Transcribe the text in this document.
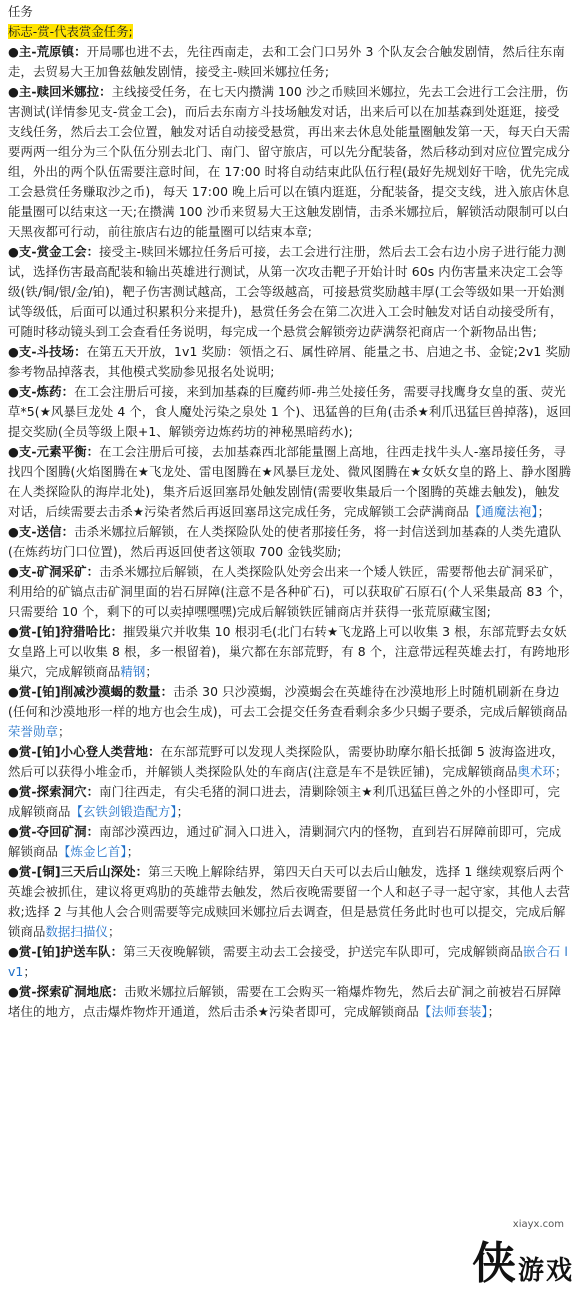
任务

标志-赏-代表赏金任务;

●主-荒原镇：开局哪也进不去，先往西南走，去和工会门口另外 3 个队友会合触发剧情，然后往东南走，去贸易大王加鲁兹触发剧情，接受主-赎回米娜拉任务;

●主-赎回米娜拉：主线接受任务，在七天内攒满 100 沙之币赎回米娜拉，先去工会进行工会注册，伤害测试(详情参见支-赏金工会)，而后去东南方斗技场触发对话，出来后可以在加基森到处逛逛，接受支线任务，然后去工会位置，触发对话自动接受悬赏，再出来去休息处能量圈触发第一天，每天白天需要两两一组分为三个队伍分别去北门、南门、留守旅店，可以先分配装备，然后移动到对应位置完成分组，外出的两个队伍需要注意时间，在 17:00 时将自动结束此队伍行程(最好先规划好干啥，优先完成工会悬赏任务赚取沙之币)，每天 17:00 晚上后可以在镇内逛逛，分配装备，提交支线，进入旅店休息能量圈可以结束这一天;在攒满 100 沙币来贸易大王这触发剧情，击杀米娜拉后，解锁活动限制可以白天黑夜都可行动，前往旅店右边的能量圈可以结束本章;

●支-赏金工会：接受主-赎回米娜拉任务后可接，去工会进行注册，然后去工会右边小房子进行能力测试，选择伤害最高配装和输出英雄进行测试，从第一次攻击靶子开始计时 60s 内伤害量来决定工会等级(铁/铜/银/金/铂)，靶子伤害测试越高，工会等级越高，可接悬赏奖励越丰厚(工会等级如果一开始测试等级低，后面可以通过积累积分来提升)，悬赏任务会在第二次进入工会时触发对话自动接受所有，可随时移动镜头到工会查看任务说明，每完成一个悬赏会解锁旁边萨满祭祀商店一个新物品出售;

●支-斗技场：在第五天开放，1v1 奖励：领悟之石、属性碎屑、能量之书、启迪之书、金锭;2v1 奖励参考物品掉落表，其他模式奖励参见报名处说明;

●支-炼药：在工会注册后可接，来到加基森的巨魔药师-弗兰处接任务，需要寻找鹰身女皇的蛋、荧光草*5(★风暴巨龙处 4 个，食人魔处污染之泉处 1 个)、迅猛兽的巨角(击杀★利爪迅猛巨兽掉落)，返回提交奖励(全员等级上限+1、解锁旁边炼药坊的神秘黑暗药水);

●支-元素平衡：在工会注册后可接，去加基森西北部能量圈上高地，往西走找牛头人-塞昂接任务，寻找四个图腾(火焰图腾在★飞龙处、雷电图腾在★风暴巨龙处、微风图腾在★女妖女皇的路上、静水图腾在人类探险队的海岸北处)，集齐后返回塞昂处触发剧情(需要收集最后一个图腾的英雄去触发)，触发对话，后续需要去击杀★污染者然后再返回塞昂这完成任务，完成解锁工会萨满商品【通魔法袍】；

●支-送信：击杀米娜拉后解锁，在人类探险队处的使者那接任务，将一封信送到加基森的人类先遣队(在炼药坊门口位置)，然后再返回使者这领取 700 金钱奖励;

●支-矿洞采矿：击杀米娜拉后解锁，在人类探险队处旁会出来一个矮人铁匠，需要帮他去矿洞采矿，利用给的矿镐点击矿洞里面的岩石屏障(注意不是各种矿石)，可以获取矿石原石(个人采集最高 83 个，只需要给 10 个，剩下的可以卖掉嘿嘿嘿)完成后解锁铁匠铺商店并获得一张荒原藏宝图;

●赏-[铂]狩猎哈比：摧毁巢穴并收集 10 根羽毛(北门右转★飞龙路上可以收集 3 根，东部荒野去女妖女皇路上可以收集 8 根，多一根留着)，巢穴都在东部荒野，有 8 个，注意带远程英雄去打，有跨地形巢穴，完成解锁商品精钢；

●赏-[铂]削减沙漠蝎的数量：击杀 30 只沙漠蝎，沙漠蝎会在英雄待在沙漠地形上时随机刷新在身边(任何和沙漠地形一样的地方也会生成)，可去工会提交任务查看剩余多少只蝎子要杀，完成后解锁商品荣誉勋章；

●赏-[铂]小心登人类营地：在东部荒野可以发现人类探险队，需要协助摩尔船长抵御 5 波海盗进攻，然后可以获得小堆金币，并解锁人类探险队处的车商店(注意是车不是铁匠铺)，完成解锁商品奥术环；

●赏-探索洞穴：南门往西走，有尖毛猪的洞口进去，清剿除领主★利爪迅猛巨兽之外的小怪即可，完成解锁商品【玄铁剑锻造配方】；

●赏-夺回矿洞：南部沙漠西边，通过矿洞入口进入，清剿洞穴内的怪物，直到岩石屏障前即可，完成解锁商品【炼金匕首】；

●赏-[铜]三天后山深处：第三天晚上解除结界，第四天白天可以去后山触发，选择 1 继续观察后两个英雄会被抓住，建议将更鸡肋的英雄带去触发，然后夜晚需要留一个人和赵子寻一起守家，其他人去营救;选择 2 与其他人会合则需要等完成赎回米娜拉后去调查，但是悬赏任务此时也可以提交，完成后解锁商品数据扫描仪；

●赏-[铂]护送车队：第三天夜晚解锁，需要主动去工会接受，护送完车队即可，完成解锁商品嵌合石 lv1；

●赏-探索矿洞地底：击败米娜拉后解锁，需要在工会购买一箱爆炸物先，然后去矿洞之前被岩石屏障堵住的地方，点击爆炸物炸开通道，然后击杀★污染者即可，完成解锁商品【法师套装】；

xiayx.com
侠 游戏
